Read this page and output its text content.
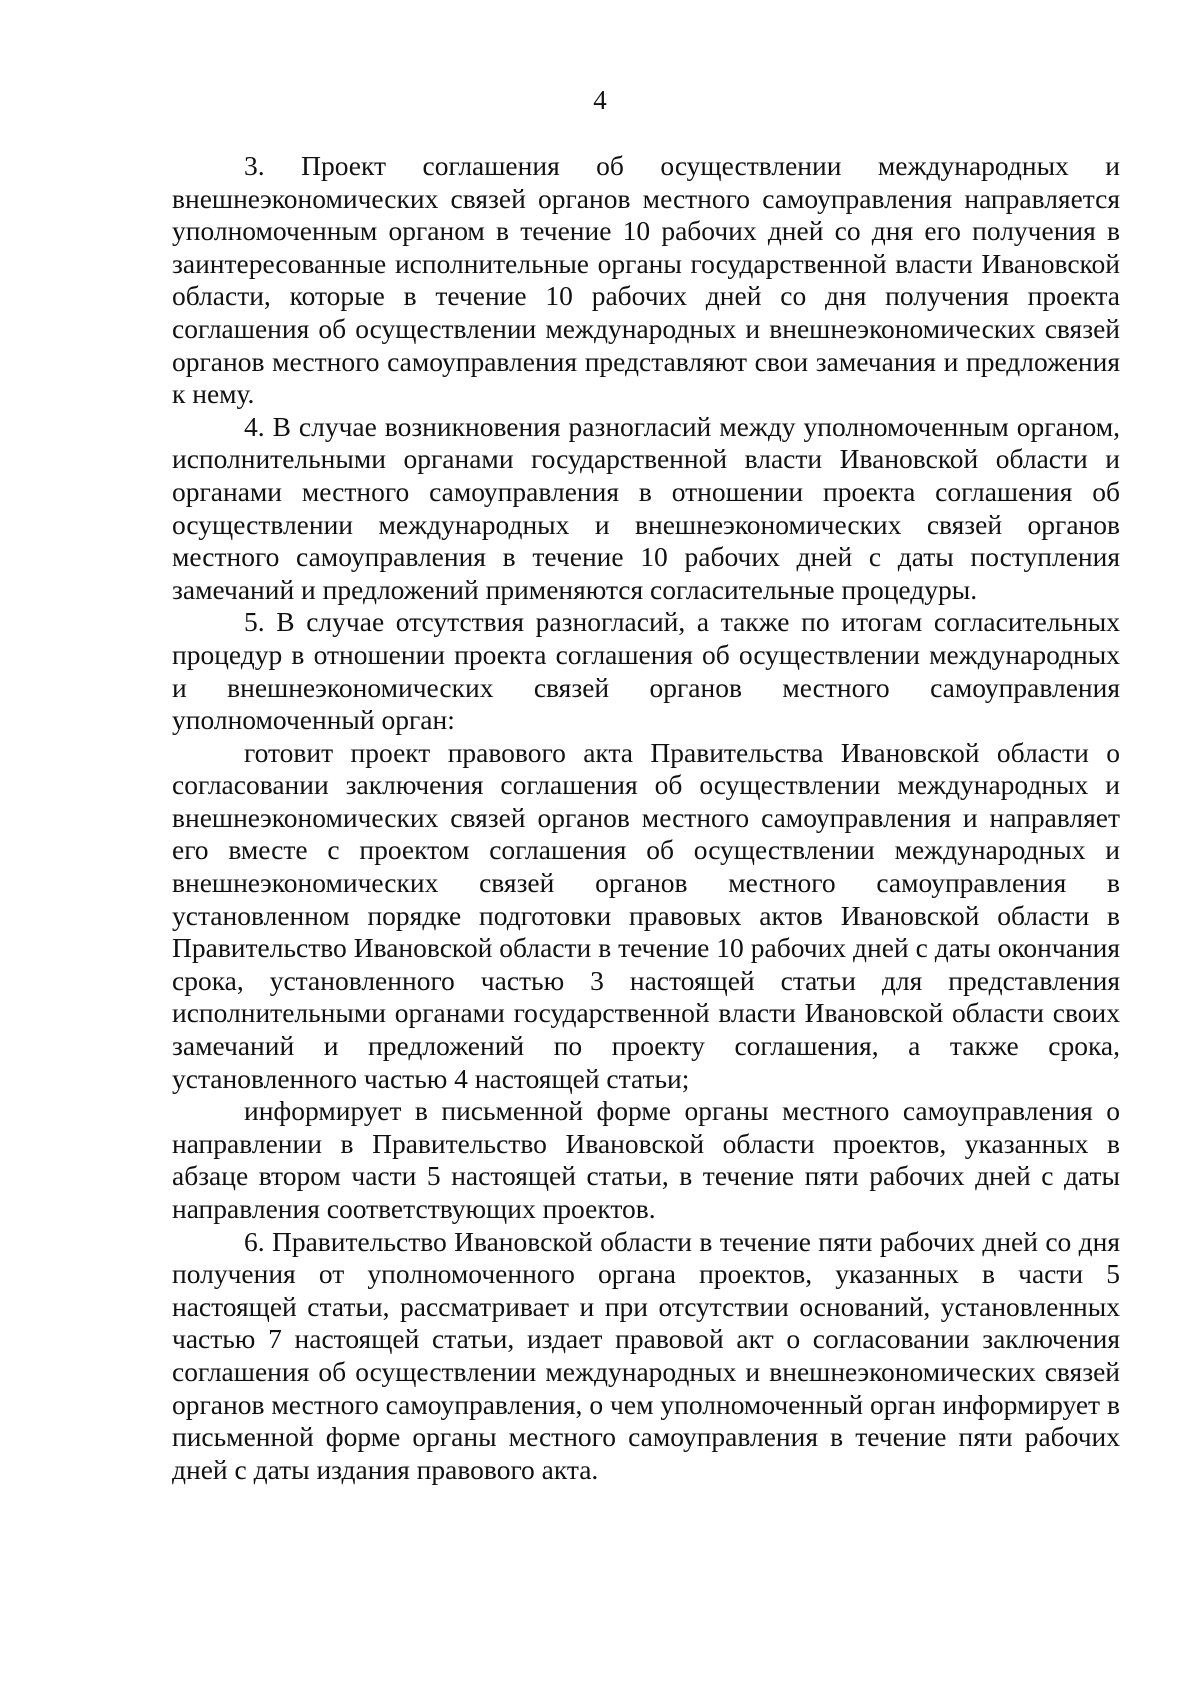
4

3. Проект соглашения об осуществлении международных и внешнеэкономических связей органов местного самоуправления направляется уполномоченным органом в течение 10 рабочих дней со дня его получения в заинтересованные исполнительные органы государственной власти Ивановской области, которые в течение 10 рабочих дней со дня получения проекта соглашения об осуществлении международных и внешнеэкономических связей органов местного самоуправления представляют свои замечания и предложения к нему.

4. В случае возникновения разногласий между уполномоченным органом, исполнительными органами государственной власти Ивановской области и органами местного самоуправления в отношении проекта соглашения об осуществлении международных и внешнеэкономических связей органов местного самоуправления в течение 10 рабочих дней с даты поступления замечаний и предложений применяются согласительные процедуры.

5. В случае отсутствия разногласий, а также по итогам согласительных процедур в отношении проекта соглашения об осуществлении международных и внешнеэкономических связей органов местного самоуправления уполномоченный орган:

готовит проект правового акта Правительства Ивановской области о согласовании заключения соглашения об осуществлении международных и внешнеэкономических связей органов местного самоуправления и направляет его вместе с проектом соглашения об осуществлении международных и внешнеэкономических связей органов местного самоуправления в установленном порядке подготовки правовых актов Ивановской области в Правительство Ивановской области в течение 10 рабочих дней с даты окончания срока, установленного частью 3 настоящей статьи для представления исполнительными органами государственной власти Ивановской области своих замечаний и предложений по проекту соглашения, а также срока, установленного частью 4 настоящей статьи;

информирует в письменной форме органы местного самоуправления о направлении в Правительство Ивановской области проектов, указанных в абзаце втором части 5 настоящей статьи, в течение пяти рабочих дней с даты направления соответствующих проектов.

6. Правительство Ивановской области в течение пяти рабочих дней со дня получения от уполномоченного органа проектов, указанных в части 5 настоящей статьи, рассматривает и при отсутствии оснований, установленных частью 7 настоящей статьи, издает правовой акт о согласовании заключения соглашения об осуществлении международных и внешнеэкономических связей органов местного самоуправления, о чем уполномоченный орган информирует в письменной форме органы местного самоуправления в течение пяти рабочих дней с даты издания правового акта.
